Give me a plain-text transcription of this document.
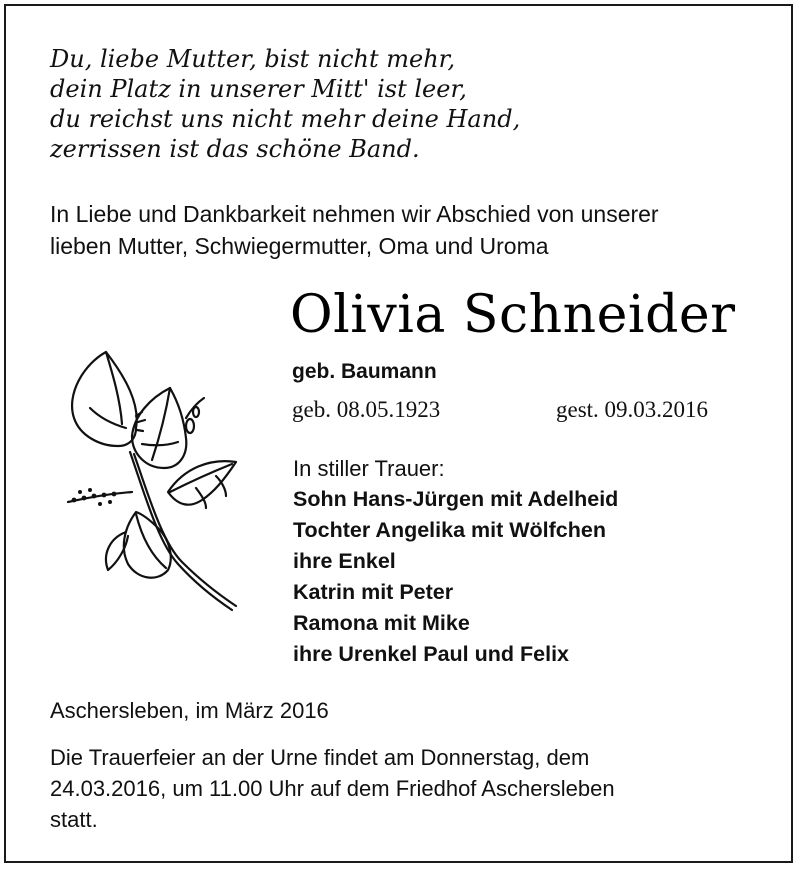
Du, liebe Mutter, bist nicht mehr,
dein Platz in unserer Mitt' ist leer,
du reichst uns nicht mehr deine Hand,
zerrissen ist das schöne Band.
In Liebe und Dankbarkeit nehmen wir Abschied von unserer
lieben Mutter, Schwiegermutter, Oma und Uroma
Olivia Schneider
geb. Baumann
geb. 08.05.1923	gest. 09.03.2016
In stiller Trauer:
Sohn Hans-Jürgen mit Adelheid
Tochter Angelika mit Wölfchen
ihre Enkel
Katrin mit Peter
Ramona mit Mike
ihre Urenkel Paul und Felix
Aschersleben, im März 2016
Die Trauerfeier an der Urne findet am Donnerstag, dem
24.03.2016, um 11.00 Uhr auf dem Friedhof Aschersleben
statt.
